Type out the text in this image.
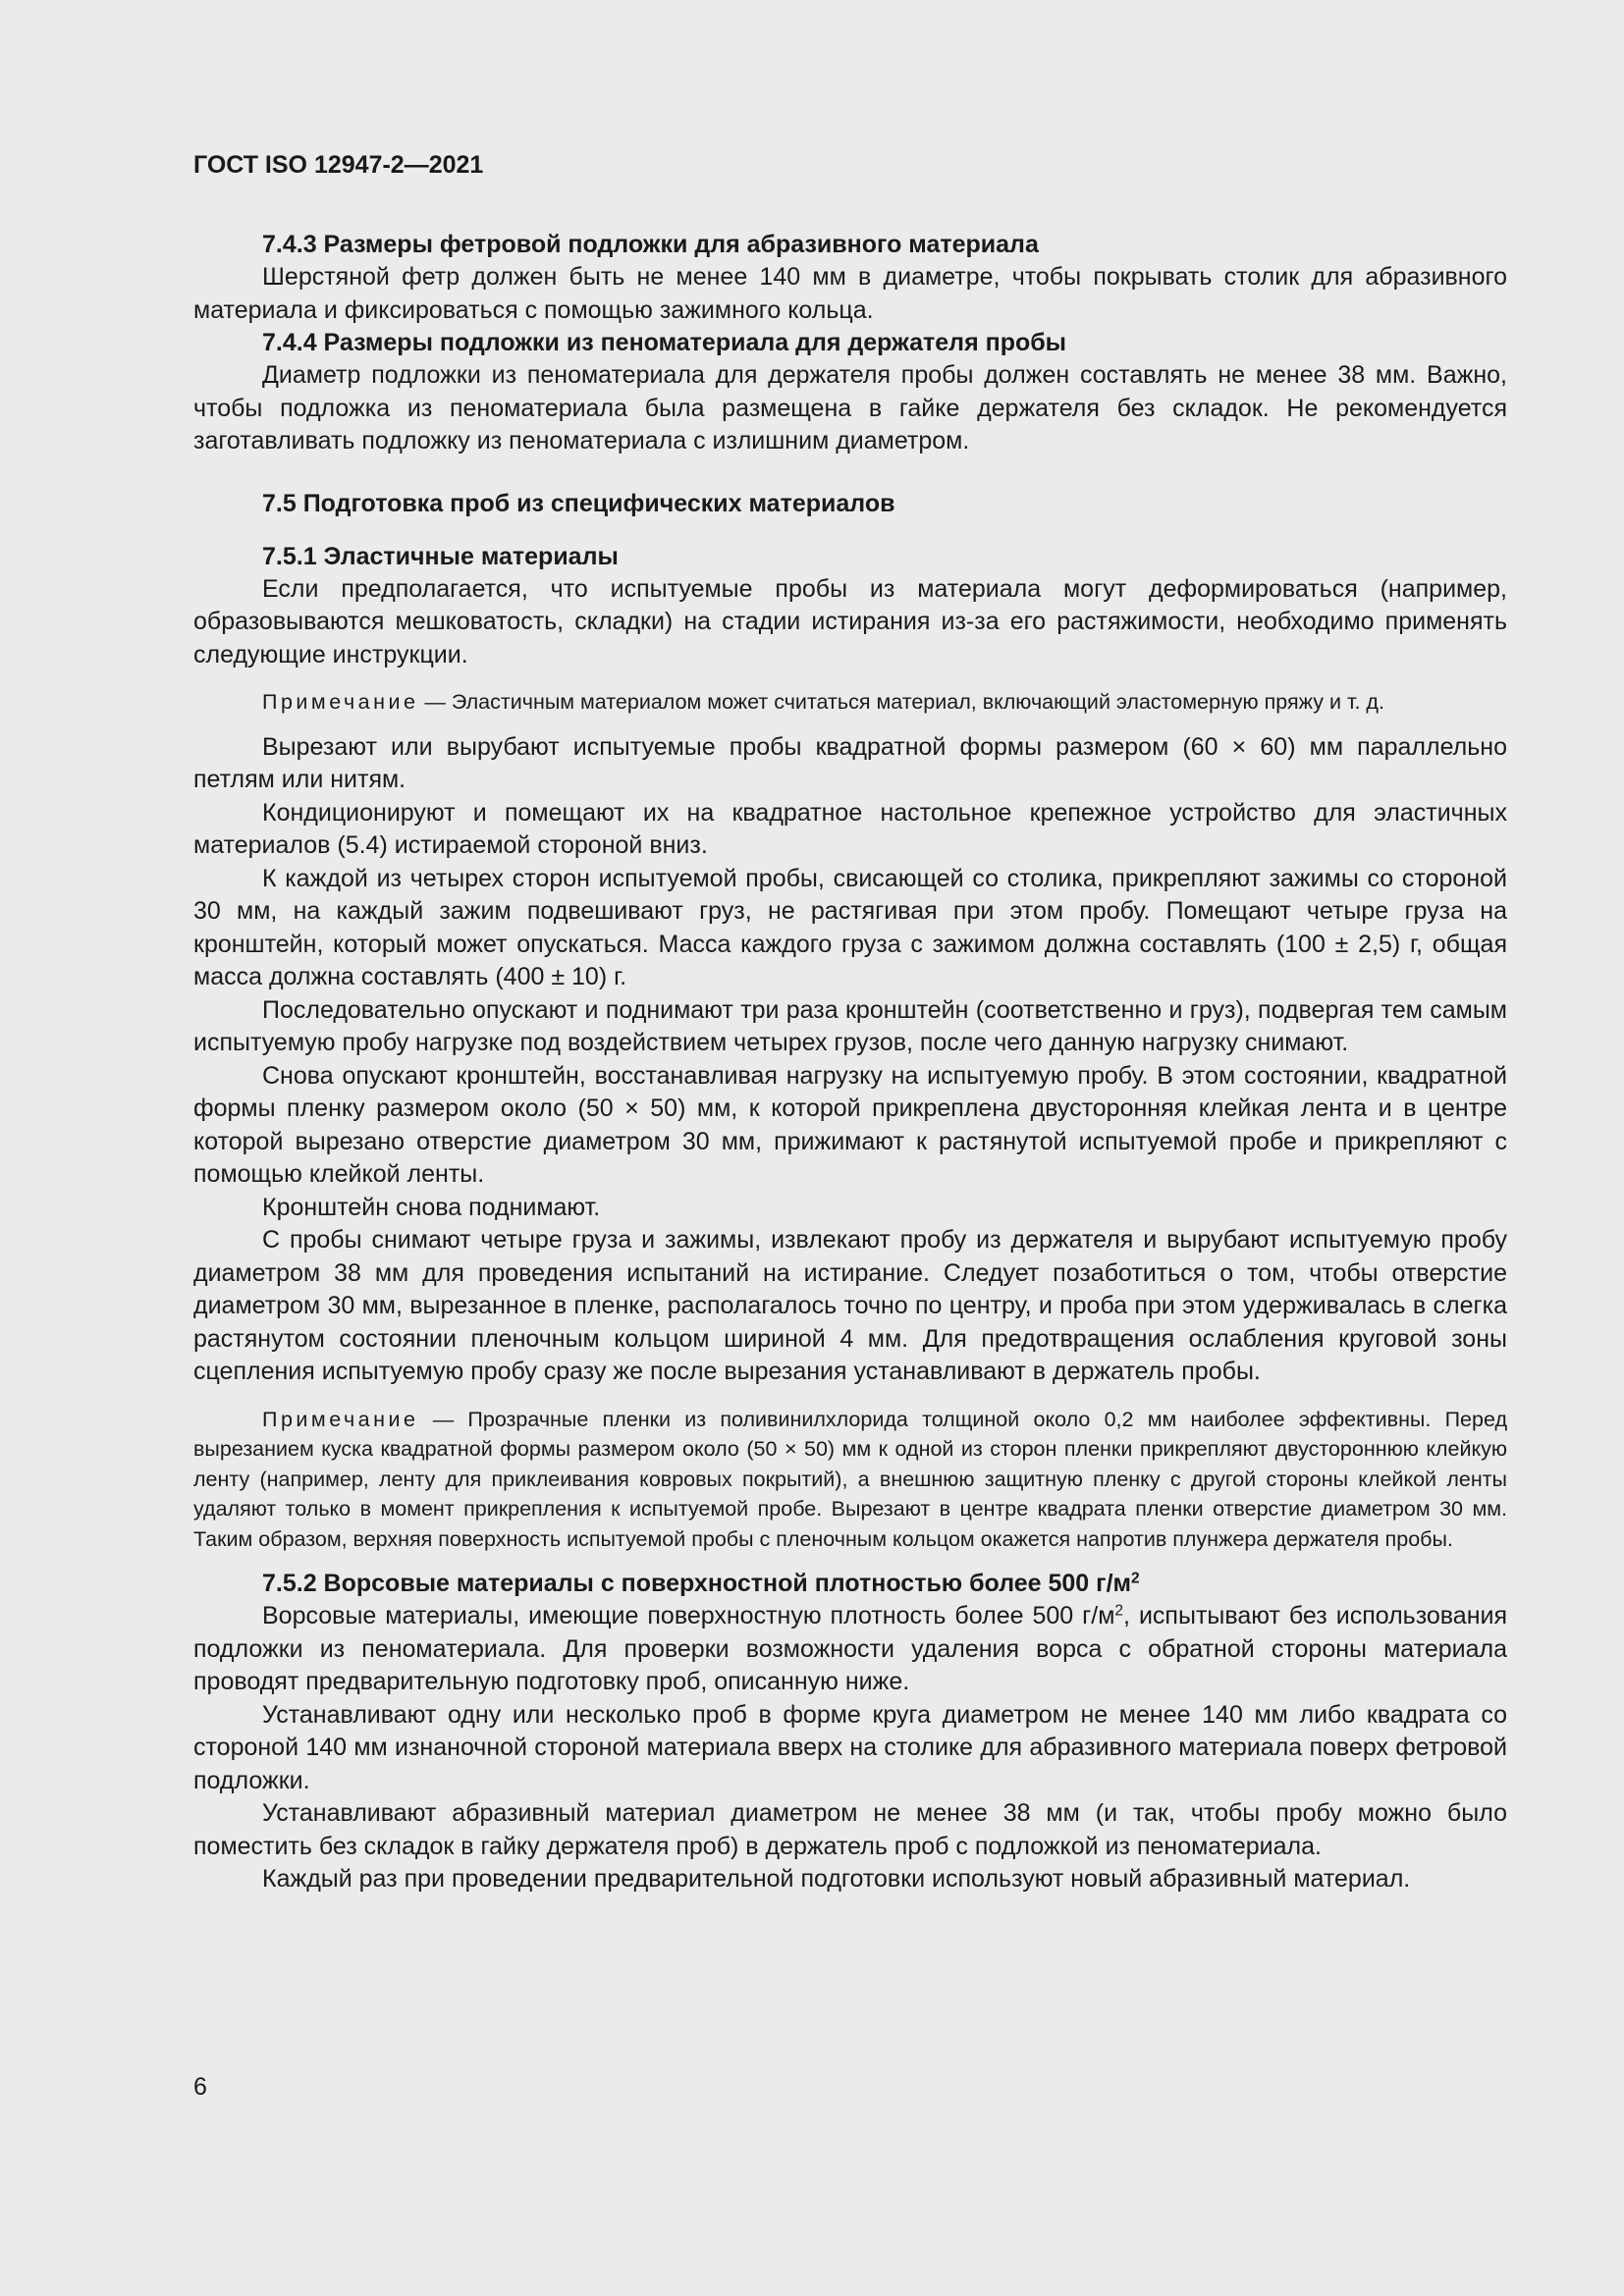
ГОСТ ISO 12947-2—2021
7.4.3 Размеры фетровой подложки для абразивного материала

Шерстяной фетр должен быть не менее 140 мм в диаметре, чтобы покрывать столик для абразивного материала и фиксироваться с помощью зажимного кольца.

7.4.4 Размеры подложки из пеноматериала для держателя пробы

Диаметр подложки из пеноматериала для держателя пробы должен составлять не менее 38 мм. Важно, чтобы подложка из пеноматериала была размещена в гайке держателя без складок. Не рекомендуется заготавливать подложку из пеноматериала с излишним диаметром.

7.5 Подготовка проб из специфических материалов
7.5.1 Эластичные материалы

Если предполагается, что испытуемые пробы из материала могут деформироваться (например, образовываются мешковатость, складки) на стадии истирания из-за его растяжимости, необходимо применять следующие инструкции.

Примечание — Эластичным материалом может считаться материал, включающий эластомерную пряжу и т. д.

Вырезают или вырубают испытуемые пробы квадратной формы размером (60 × 60) мм параллельно петлям или нитям.

Кондиционируют и помещают их на квадратное настольное крепежное устройство для эластичных материалов (5.4) истираемой стороной вниз.

К каждой из четырех сторон испытуемой пробы, свисающей со столика, прикрепляют зажимы со стороной 30 мм, на каждый зажим подвешивают груз, не растягивая при этом пробу. Помещают четыре груза на кронштейн, который может опускаться. Масса каждого груза с зажимом должна составлять (100 ± 2,5) г, общая масса должна составлять (400 ± 10) г.

Последовательно опускают и поднимают три раза кронштейн (соответственно и груз), подвергая тем самым испытуемую пробу нагрузке под воздействием четырех грузов, после чего данную нагрузку снимают.

Снова опускают кронштейн, восстанавливая нагрузку на испытуемую пробу. В этом состоянии, квадратной формы пленку размером около (50 × 50) мм, к которой прикреплена двусторонняя клейкая лента и в центре которой вырезано отверстие диаметром 30 мм, прижимают к растянутой испытуемой пробе и прикрепляют с помощью клейкой ленты.

Кронштейн снова поднимают.

С пробы снимают четыре груза и зажимы, извлекают пробу из держателя и вырубают испытуемую пробу диаметром 38 мм для проведения испытаний на истирание. Следует позаботиться о том, чтобы отверстие диаметром 30 мм, вырезанное в пленке, располагалось точно по центру, и проба при этом удерживалась в слегка растянутом состоянии пленочным кольцом шириной 4 мм. Для предотвращения ослабления круговой зоны сцепления испытуемую пробу сразу же после вырезания устанавливают в держатель пробы.

Примечание — Прозрачные пленки из поливинилхлорида толщиной около 0,2 мм наиболее эффективны. Перед вырезанием куска квадратной формы размером около (50 × 50) мм к одной из сторон пленки прикрепляют двустороннюю клейкую ленту (например, ленту для приклеивания ковровых покрытий), а внешнюю защитную пленку с другой стороны клейкой ленты удаляют только в момент прикрепления к испытуемой пробе. Вырезают в центре квадрата пленки отверстие диаметром 30 мм. Таким образом, верхняя поверхность испытуемой пробы с пленочным кольцом окажется напротив плунжера держателя пробы.

7.5.2 Ворсовые материалы с поверхностной плотностью более 500 $г/м^2$

Ворсовые материалы, имеющие поверхностную плотность более 500 $г/м^2$, испытывают без использования подложки из пеноматериала. Для проверки возможности удаления ворса с обратной стороны материала проводят предварительную подготовку проб, описанную ниже.

Устанавливают одну или несколько проб в форме круга диаметром не менее 140 мм либо квадрата со стороной 140 мм изнаночной стороной материала вверх на столике для абразивного материала поверх фетровой подложки.

Устанавливают абразивный материал диаметром не менее 38 мм (и так, чтобы пробу можно было поместить без складок в гайку держателя проб) в держатель проб с подложкой из пеноматериала.

Каждый раз при проведении предварительной подготовки используют новый абразивный материал.

6
